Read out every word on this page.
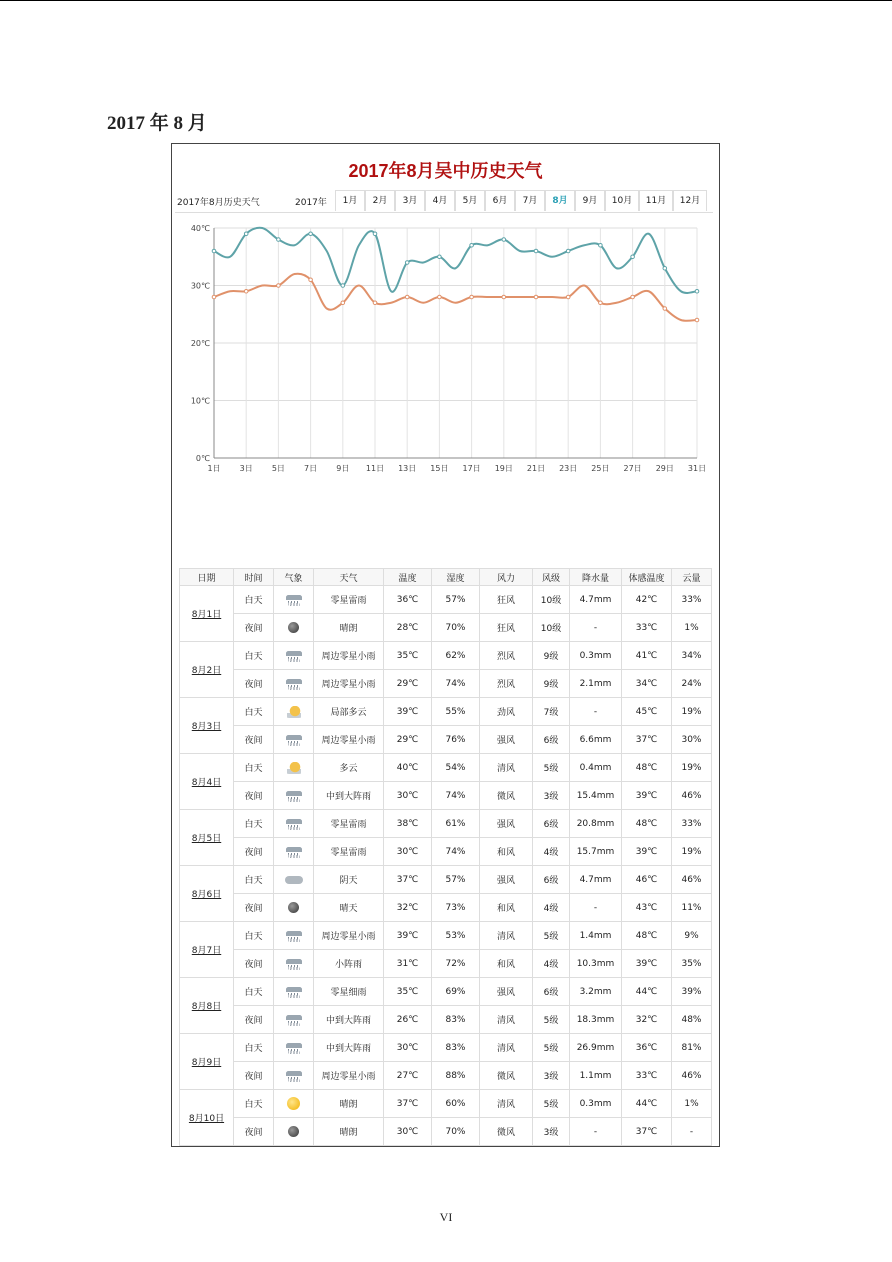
2017 年 8 月
2017年8月吴中历史天气
2017年8月历史天气	2017年	1月	2月	3月	4月	5月	6月	7月	8月	9月	10月	11月	12月
0℃
10℃
20℃
30℃
40℃
1日 3日 5日 7日 9日 11日 13日 15日 17日 19日 21日 23日 25日 27日 29日 31日
日期	时间	气象	天气	温度	湿度	风力	风级	降水量	体感温度	云量
8月1日	白天		零星雷雨	36℃	57%	狂风	10级	4.7mm	42℃	33%
	夜间		晴朗	28℃	70%	狂风	10级	-	33℃	1%
8月2日	白天		周边零星小雨	35℃	62%	烈风	9级	0.3mm	41℃	34%
	夜间		周边零星小雨	29℃	74%	烈风	9级	2.1mm	34℃	24%
8月3日	白天		局部多云	39℃	55%	劲风	7级	-	45℃	19%
	夜间		周边零星小雨	29℃	76%	强风	6级	6.6mm	37℃	30%
8月4日	白天		多云	40℃	54%	清风	5级	0.4mm	48℃	19%
	夜间		中到大阵雨	30℃	74%	微风	3级	15.4mm	39℃	46%
8月5日	白天		零星雷雨	38℃	61%	强风	6级	20.8mm	48℃	33%
	夜间		零星雷雨	30℃	74%	和风	4级	15.7mm	39℃	19%
8月6日	白天		阴天	37℃	57%	强风	6级	4.7mm	46℃	46%
	夜间		晴天	32℃	73%	和风	4级	-	43℃	11%
8月7日	白天		周边零星小雨	39℃	53%	清风	5级	1.4mm	48℃	9%
	夜间		小阵雨	31℃	72%	和风	4级	10.3mm	39℃	35%
8月8日	白天		零星细雨	35℃	69%	强风	6级	3.2mm	44℃	39%
	夜间		中到大阵雨	26℃	83%	清风	5级	18.3mm	32℃	48%
8月9日	白天		中到大阵雨	30℃	83%	清风	5级	26.9mm	36℃	81%
	夜间		周边零星小雨	27℃	88%	微风	3级	1.1mm	33℃	46%
8月10日	白天		晴朗	37℃	60%	清风	5级	0.3mm	44℃	1%
	夜间		晴朗	30℃	70%	微风	3级	-	37℃	-
VI
